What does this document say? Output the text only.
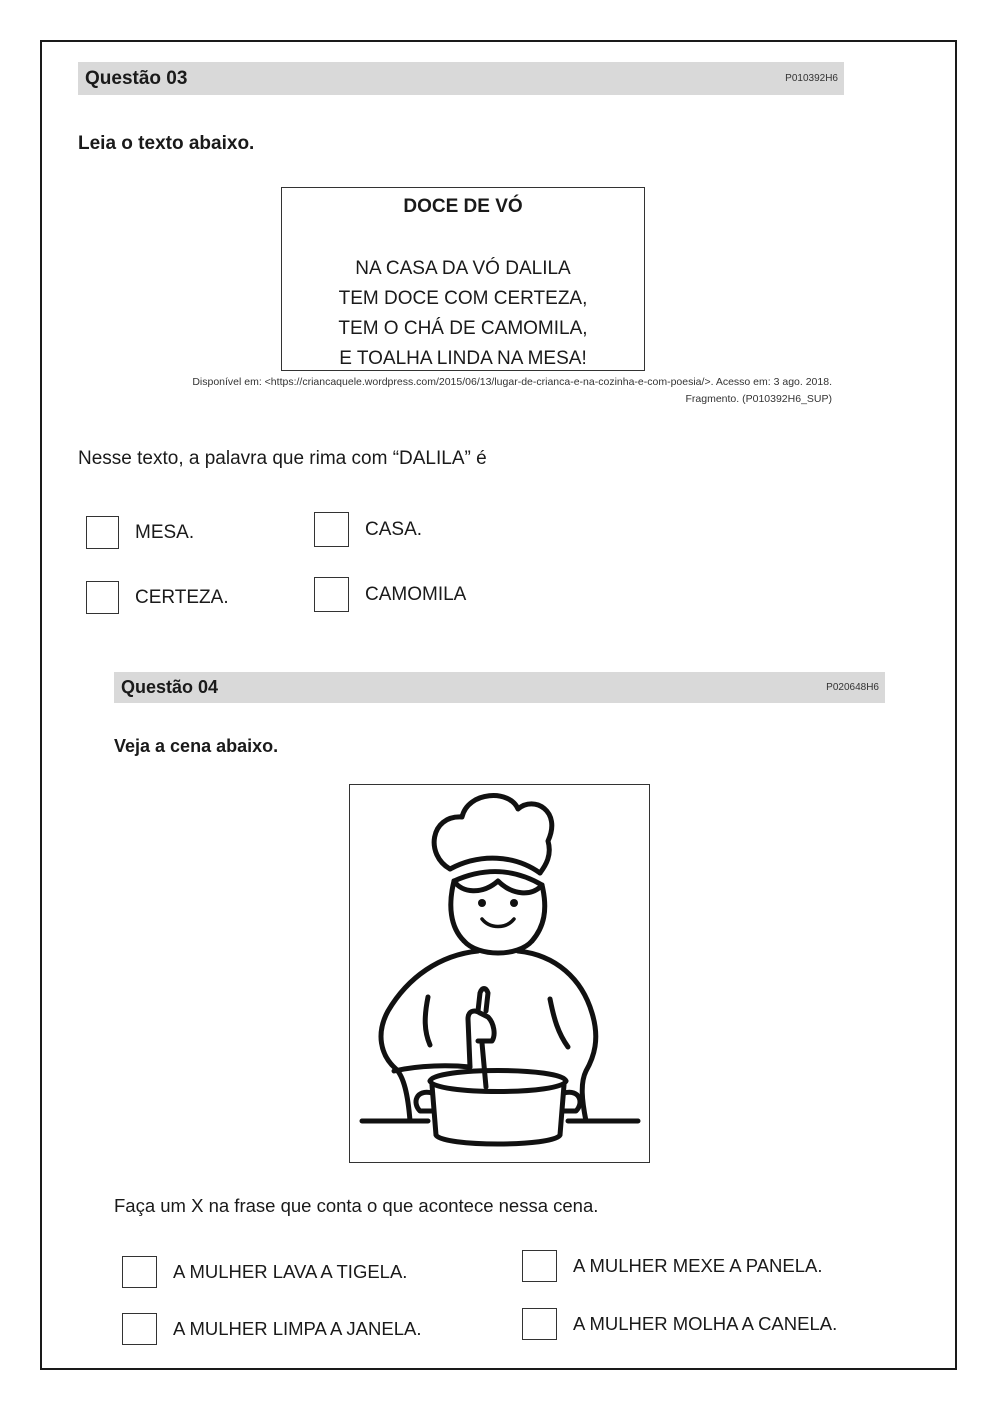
Questão 03	P010392H6
Leia o texto abaixo.
DOCE DE VÓ
NA CASA DA VÓ DALILA
TEM DOCE COM CERTEZA,
TEM O CHÁ DE CAMOMILA,
E TOALHA LINDA NA MESA!
Disponível em: <https://criancaquele.wordpress.com/2015/06/13/lugar-de-crianca-e-na-cozinha-e-com-poesia/>. Acesso em: 3 ago. 2018.
Fragmento. (P010392H6_SUP)
Nesse texto, a palavra que rima com “DALILA” é
MESA.	CASA.
CERTEZA.	CAMOMILA
Questão 04	P020648H6
Veja a cena abaixo.
Faça um X na frase que conta o que acontece nessa cena.
A MULHER LAVA A TIGELA.	A MULHER MEXE A PANELA.
A MULHER LIMPA A JANELA.	A MULHER MOLHA A CANELA.
